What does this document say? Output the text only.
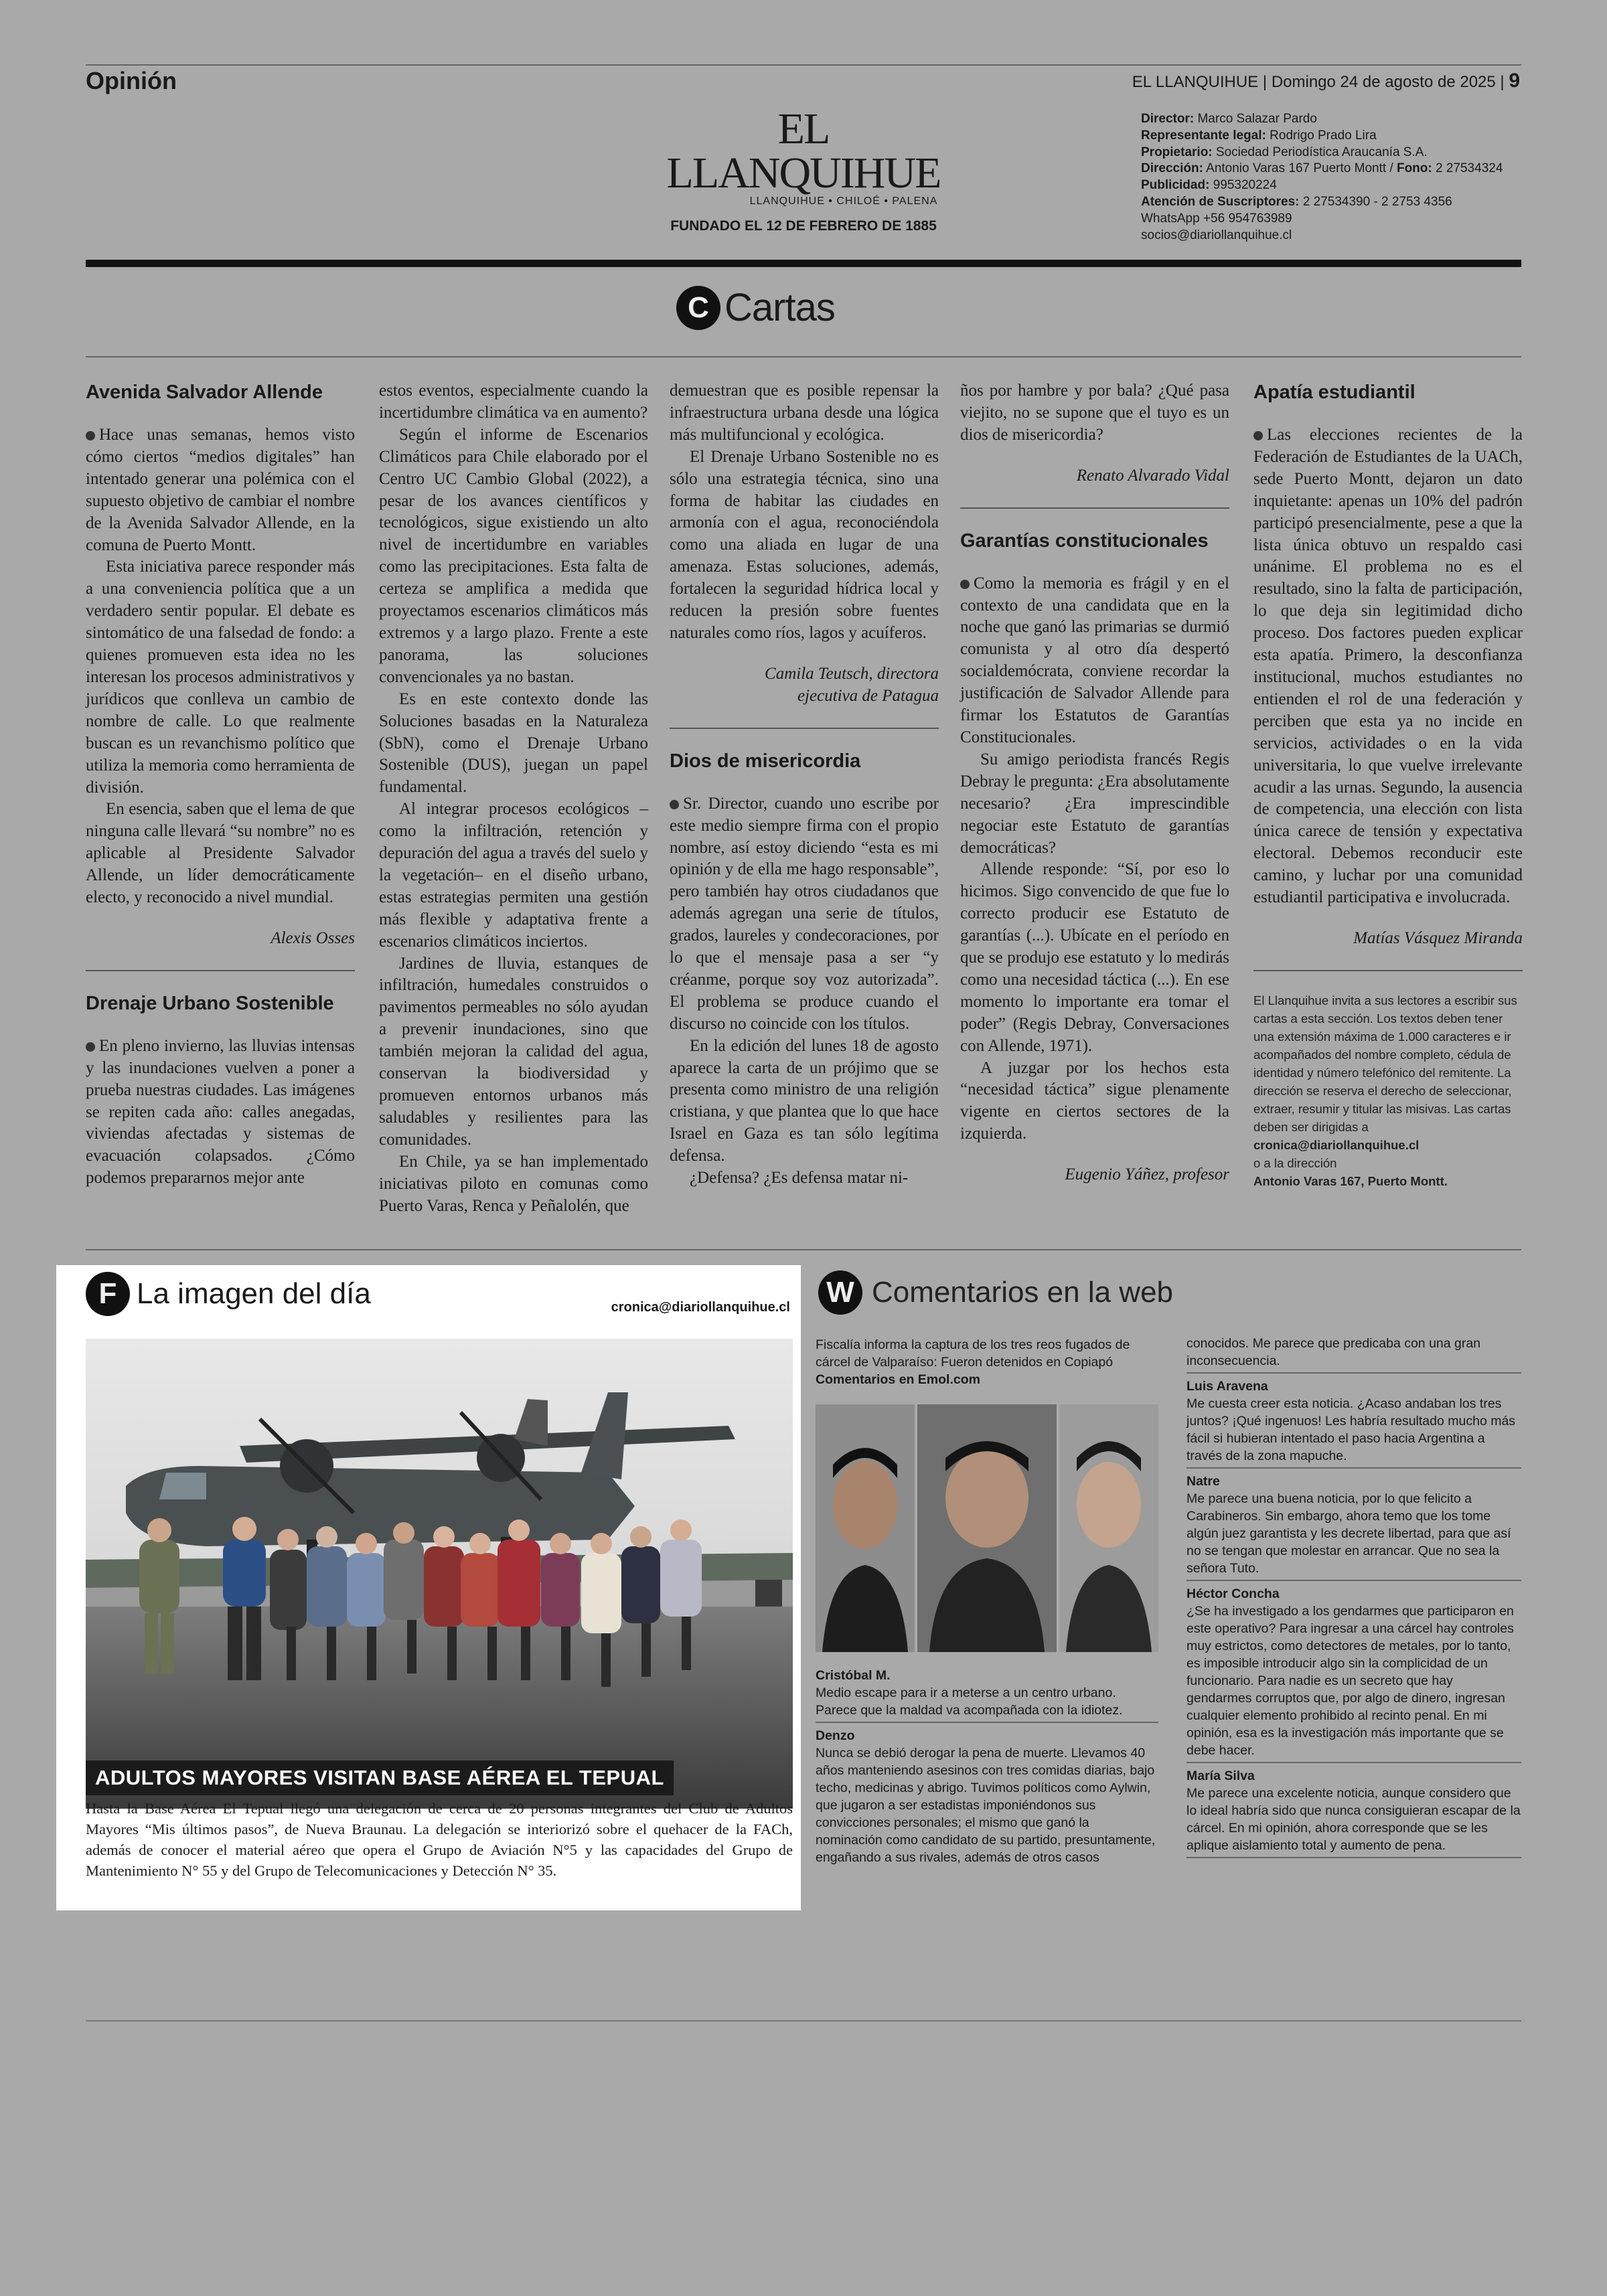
Opinión	EL LLANQUIHUE | Domingo 24 de agosto de 2025 | 9
EL LLANQUIHUE
LLANQUIHUE • CHILOÉ • PALENA
FUNDADO EL 12 DE FEBRERO DE 1885
Director: Marco Salazar Pardo
Representante legal: Rodrigo Prado Lira
Propietario: Sociedad Periodística Araucanía S.A.
Dirección: Antonio Varas 167 Puerto Montt / Fono: 2 27534324
Publicidad: 995320224
Atención de Suscriptores: 2 27534390 - 2 2753 4356
WhatsApp +56 954763989
socios@diariollanquihue.cl
C Cartas
Avenida Salvador Allende

Hace unas semanas, hemos visto cómo ciertos “medios digitales” han intentado generar una polémica con el supuesto objetivo de cambiar el nombre de la Avenida Salvador Allende, en la comuna de Puerto Montt.

Esta iniciativa parece responder más a una conveniencia política que a un verdadero sentir popular. El debate es sintomático de una falsedad de fondo: a quienes promueven esta idea no les interesan los procesos administrativos y jurídicos que conlleva un cambio de nombre de calle. Lo que realmente buscan es un revanchismo político que utiliza la memoria como herramienta de división.

En esencia, saben que el lema de que ninguna calle llevará “su nombre” no es aplicable al Presidente Salvador Allende, un líder democráticamente electo, y reconocido a nivel mundial.

Alexis Osses

Drenaje Urbano Sostenible

En pleno invierno, las lluvias intensas y las inundaciones vuelven a poner a prueba nuestras ciudades. Las imágenes se repiten cada año: calles anegadas, viviendas afectadas y sistemas de evacuación colapsados. ¿Cómo podemos prepararnos mejor ante

estos eventos, especialmente cuando la incertidumbre climática va en aumento?

Según el informe de Escenarios Climáticos para Chile elaborado por el Centro UC Cambio Global (2022), a pesar de los avances científicos y tecnológicos, sigue existiendo un alto nivel de incertidumbre en variables como las precipitaciones. Esta falta de certeza se amplifica a medida que proyectamos escenarios climáticos más extremos y a largo plazo. Frente a este panorama, las soluciones convencionales ya no bastan.

Es en este contexto donde las Soluciones basadas en la Naturaleza (SbN), como el Drenaje Urbano Sostenible (DUS), juegan un papel fundamental.

Al integrar procesos ecológicos –como la infiltración, retención y depuración del agua a través del suelo y la vegetación– en el diseño urbano, estas estrategias permiten una gestión más flexible y adaptativa frente a escenarios climáticos inciertos.

Jardines de lluvia, estanques de infiltración, humedales construidos o pavimentos permeables no sólo ayudan a prevenir inundaciones, sino que también mejoran la calidad del agua, conservan la biodiversidad y promueven entornos urbanos más saludables y resilientes para las comunidades.

En Chile, ya se han implementado iniciativas piloto en comunas como Puerto Varas, Renca y Peñalolén, que

demuestran que es posible repensar la infraestructura urbana desde una lógica más multifuncional y ecológica.

El Drenaje Urbano Sostenible no es sólo una estrategia técnica, sino una forma de habitar las ciudades en armonía con el agua, reconociéndola como una aliada en lugar de una amenaza. Estas soluciones, además, fortalecen la seguridad hídrica local y reducen la presión sobre fuentes naturales como ríos, lagos y acuíferos.

Camila Teutsch, directora ejecutiva de Patagua

Dios de misericordia

Sr. Director, cuando uno escribe por este medio siempre firma con el propio nombre, así estoy diciendo “esta es mi opinión y de ella me hago responsable”, pero también hay otros ciudadanos que además agregan una serie de títulos, grados, laureles y condecoraciones, por lo que el mensaje pasa a ser “y créanme, porque soy voz autorizada”. El problema se produce cuando el discurso no coincide con los títulos.

En la edición del lunes 18 de agosto aparece la carta de un prójimo que se presenta como ministro de una religión cristiana, y que plantea que lo que hace Israel en Gaza es tan sólo legítima defensa.

¿Defensa? ¿Es defensa matar ni-

ños por hambre y por bala? ¿Qué pasa viejito, no se supone que el tuyo es un dios de misericordia?

Renato Alvarado Vidal

Garantías constitucionales

Como la memoria es frágil y en el contexto de una candidata que en la noche que ganó las primarias se durmió comunista y al otro día despertó socialdemócrata, conviene recordar la justificación de Salvador Allende para firmar los Estatutos de Garantías Constitucionales.

Su amigo periodista francés Regis Debray le pregunta: ¿Era absolutamente necesario? ¿Era imprescindible negociar este Estatuto de garantías democráticas?

Allende responde: “Sí, por eso lo hicimos. Sigo convencido de que fue lo correcto producir ese Estatuto de garantías (...). Ubícate en el período en que se produjo ese estatuto y lo medirás como una necesidad táctica (...). En ese momento lo importante era tomar el poder” (Regis Debray, Conversaciones con Allende, 1971).

A juzgar por los hechos esta “necesidad táctica” sigue plenamente vigente en ciertos sectores de la izquierda.

Eugenio Yáñez, profesor

Apatía estudiantil

Las elecciones recientes de la Federación de Estudiantes de la UACh, sede Puerto Montt, dejaron un dato inquietante: apenas un 10% del padrón participó presencialmente, pese a que la lista única obtuvo un respaldo casi unánime. El problema no es el resultado, sino la falta de participación, lo que deja sin legitimidad dicho proceso. Dos factores pueden explicar esta apatía. Primero, la desconfianza institucional, muchos estudiantes no entienden el rol de una federación y perciben que esta ya no incide en servicios, actividades o en la vida universitaria, lo que vuelve irrelevante acudir a las urnas. Segundo, la ausencia de competencia, una elección con lista única carece de tensión y expectativa electoral. Debemos reconducir este camino, y luchar por una comunidad estudiantil participativa e involucrada.

Matías Vásquez Miranda

El Llanquihue invita a sus lectores a escribir sus cartas a esta sección. Los textos deben tener una extensión máxima de 1.000 caracteres e ir acompañados del nombre completo, cédula de identidad y número telefónico del remitente. La dirección se reserva el derecho de seleccionar, extraer, resumir y titular las misivas. Las cartas deben ser dirigidas a
cronica@diariollanquihue.cl
o a la dirección
Antonio Varas 167, Puerto Montt.
F La imagen del día	cronica@diariollanquihue.cl
ADULTOS MAYORES VISITAN BASE AÉREA EL TEPUAL
Hasta la Base Aérea El Tepual llegó una delegación de cerca de 20 personas integrantes del Club de Adultos Mayores “Mis últimos pasos”, de Nueva Braunau. La delegación se interiorizó sobre el quehacer de la FACh, además de conocer el material aéreo que opera el Grupo de Aviación N°5 y las capacidades del Grupo de Mantenimiento N° 55 y del Grupo de Telecomunicaciones y Detección N° 35.
W Comentarios en la web
Fiscalía informa la captura de los tres reos fugados de cárcel de Valparaíso: Fueron detenidos en Copiapó
Comentarios en Emol.com
Cristóbal M.
Medio escape para ir a meterse a un centro urbano. Parece que la maldad va acompañada con la idiotez.
Denzo
Nunca se debió derogar la pena de muerte. Llevamos 40 años manteniendo asesinos con tres comidas diarias, bajo techo, medicinas y abrigo. Tuvimos políticos como Aylwin, que jugaron a ser estadistas imponiéndonos sus convicciones personales; el mismo que ganó la nominación como candidato de su partido, presuntamente, engañando a sus rivales, además de otros casos
conocidos. Me parece que predicaba con una gran inconsecuencia.
Luis Aravena
Me cuesta creer esta noticia. ¿Acaso andaban los tres juntos? ¡Qué ingenuos! Les habría resultado mucho más fácil si hubieran intentado el paso hacia Argentina a través de la zona mapuche.
Natre
Me parece una buena noticia, por lo que felicito a Carabineros. Sin embargo, ahora temo que los tome algún juez garantista y les decrete libertad, para que así no se tengan que molestar en arrancar. Que no sea la señora Tuto.
Héctor Concha
¿Se ha investigado a los gendarmes que participaron en este operativo? Para ingresar a una cárcel hay controles muy estrictos, como detectores de metales, por lo tanto, es imposible introducir algo sin la complicidad de un funcionario. Para nadie es un secreto que hay gendarmes corruptos que, por algo de dinero, ingresan cualquier elemento prohibido al recinto penal. En mi opinión, esa es la investigación más importante que se debe hacer.
María Silva
Me parece una excelente noticia, aunque considero que lo ideal habría sido que nunca consiguieran escapar de la cárcel. En mi opinión, ahora corresponde que se les aplique aislamiento total y aumento de pena.
